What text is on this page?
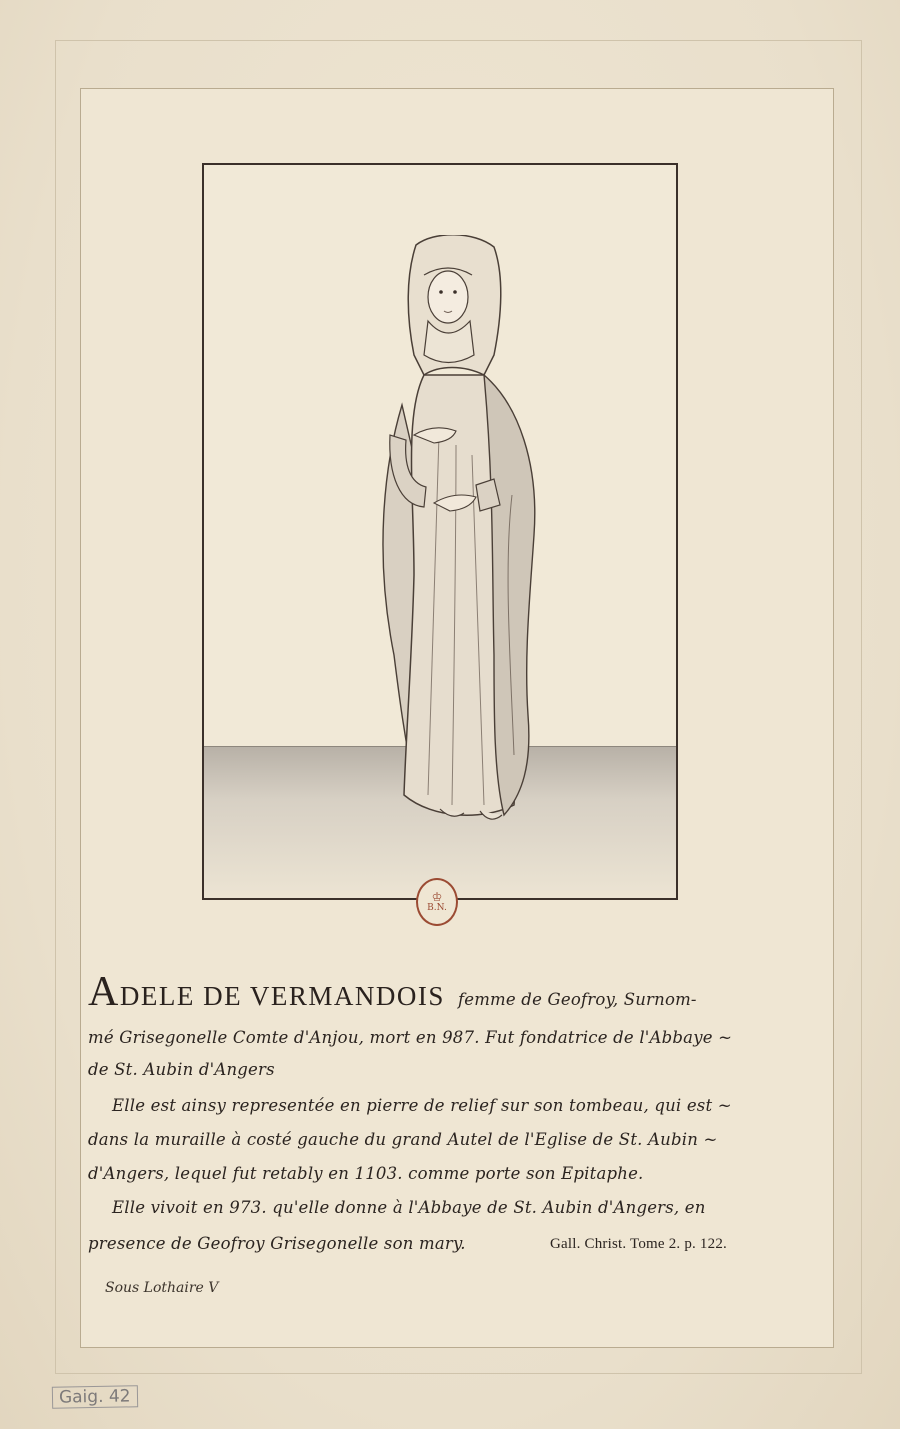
♔
B.N.
ADELE DE VERMANDOIS femme de Geofroy, Surnom-
mé Grisegonelle Comte d'Anjou, mort en 987. Fut fondatrice de l'Abbaye ~
de St. Aubin d'Angers
Elle est ainsy representée en pierre de relief sur son tombeau, qui est ~
dans la muraille à costé gauche du grand Autel de l'Eglise de St. Aubin ~
d'Angers, lequel fut retably en 1103. comme porte son Epitaphe.
Elle vivoit en 973. qu'elle donne à l'Abbaye de St. Aubin d'Angers, en
presence de Geofroy Grisegonelle son mary.	Gall. Christ. Tome 2. p. 122.
Sous Lothaire V
Gaig. 42
